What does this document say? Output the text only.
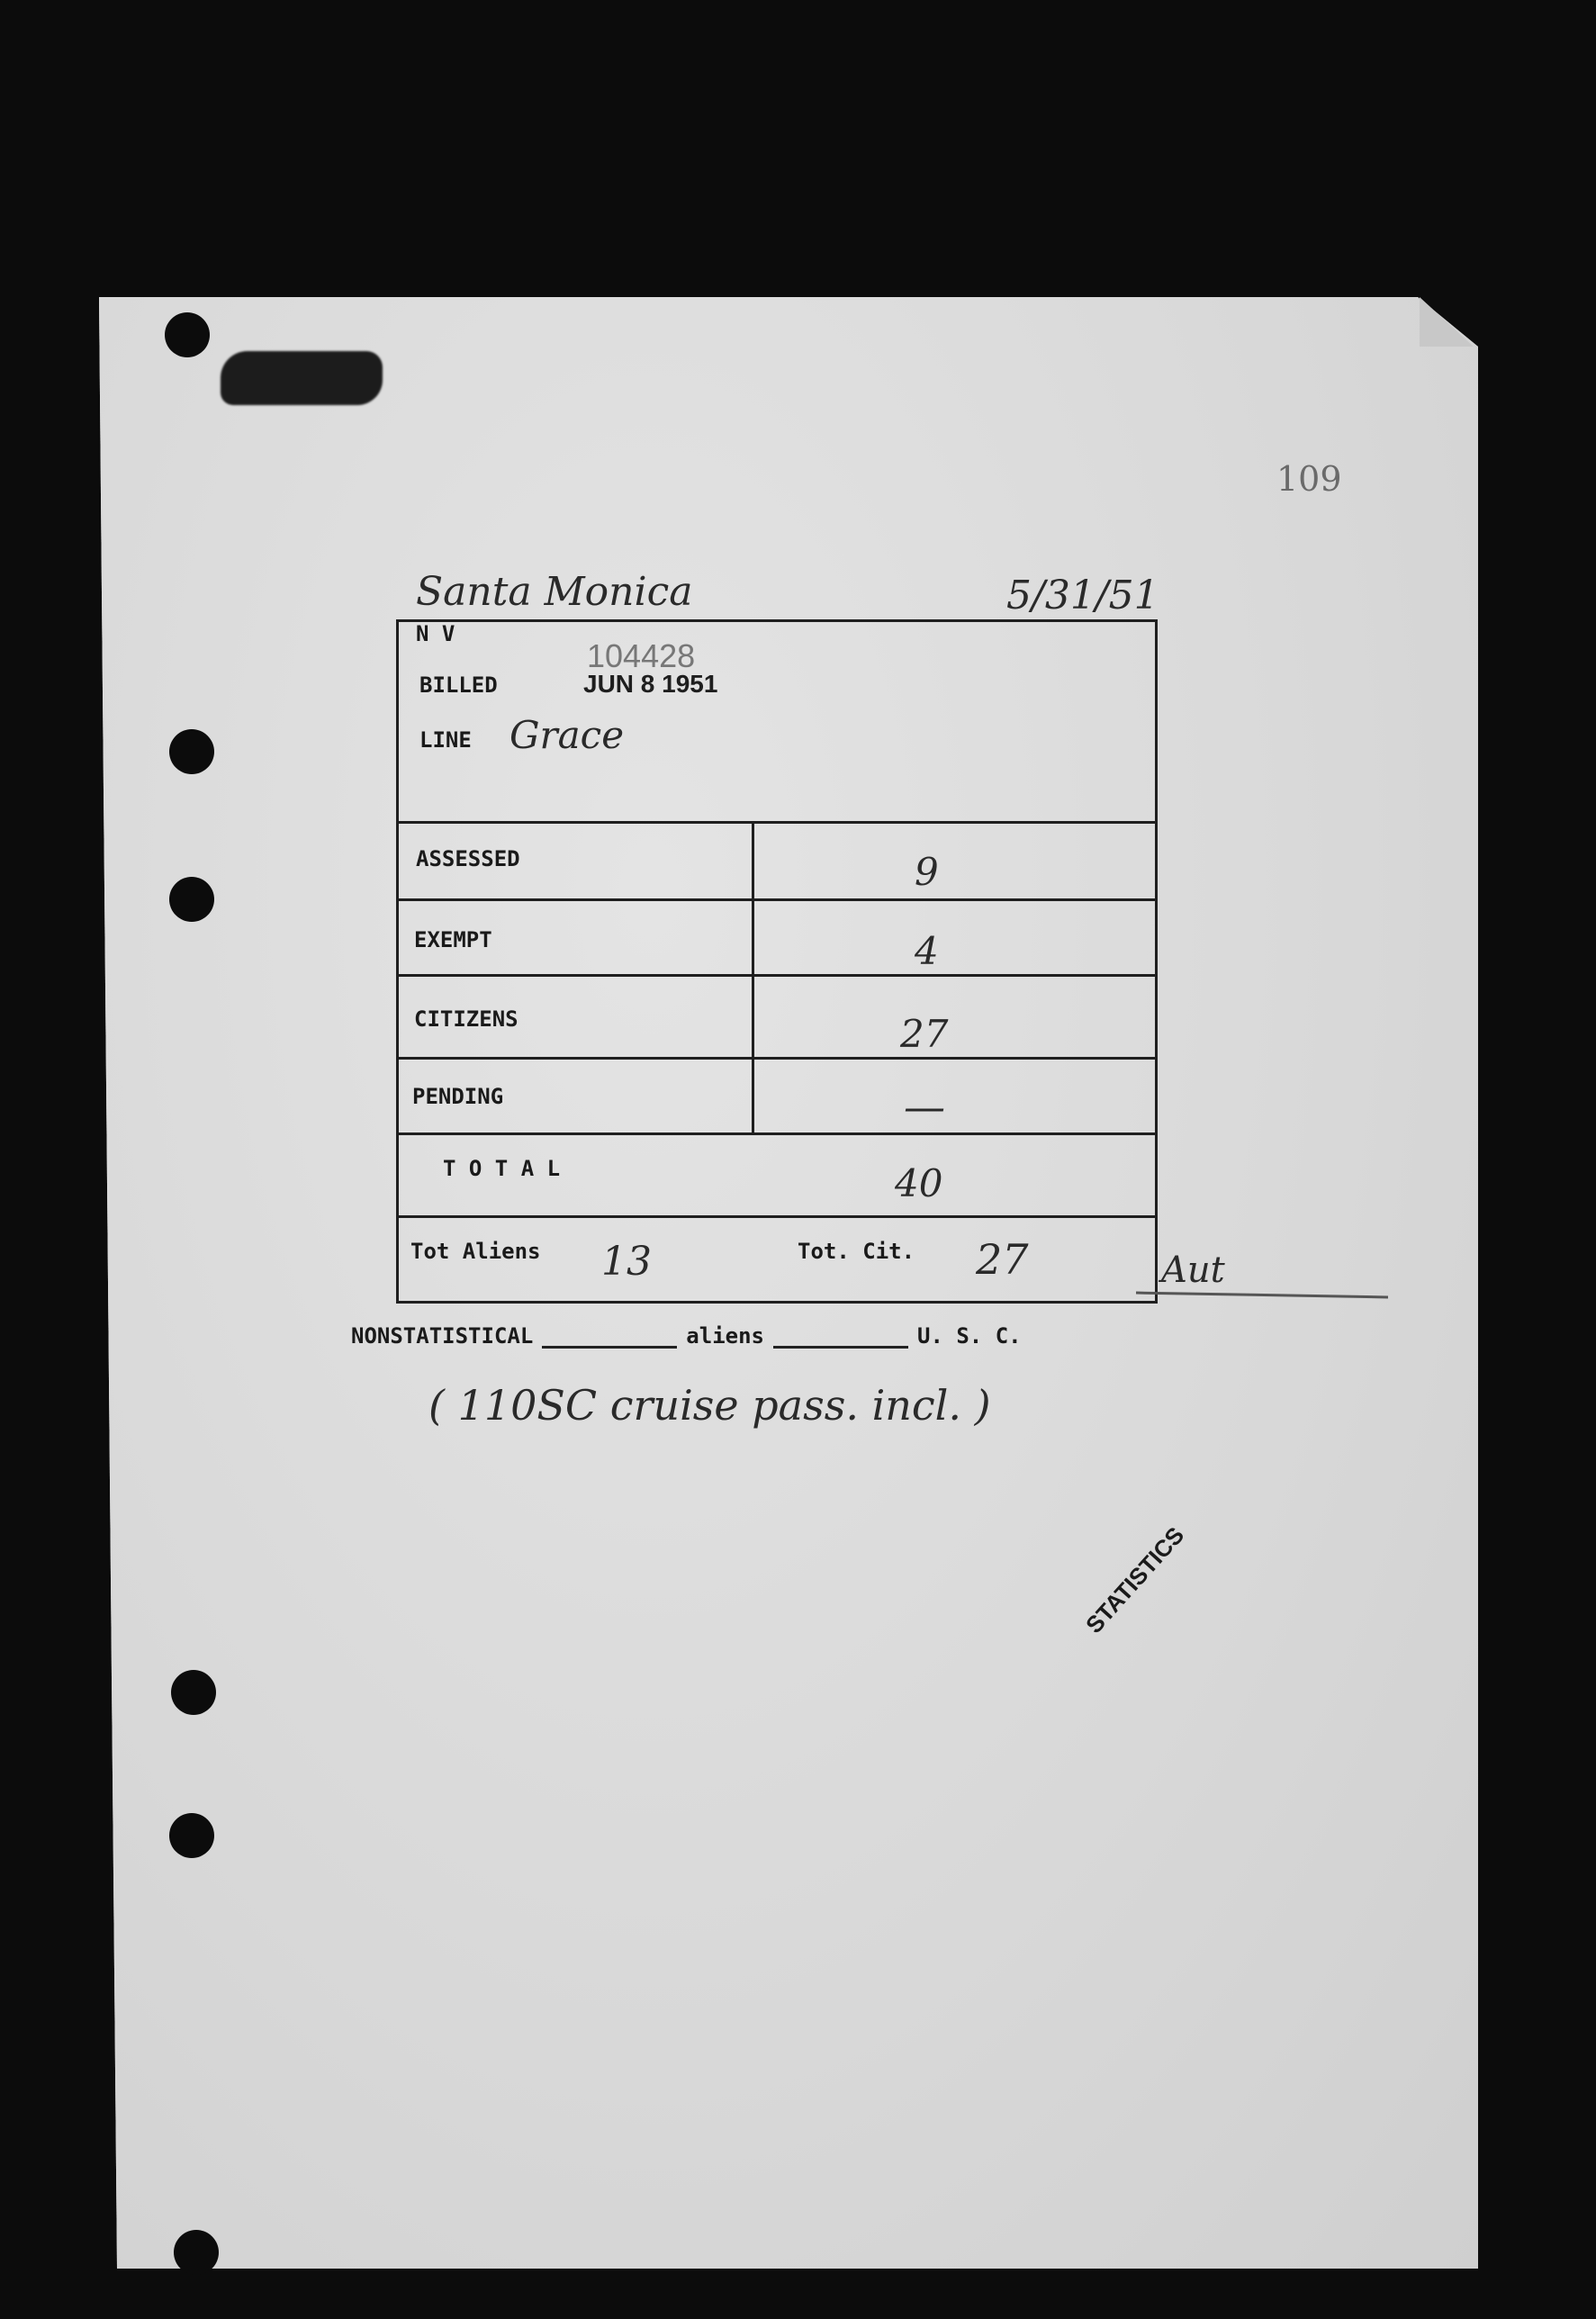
109
Santa Monica	5/31/51
N V
104428
BILLED	JUN 8 1951
LINE Grace
ASSESSED	9
EXEMPT	4
CITIZENS	27
PENDING	—
T O T A L	40
Tot Aliens 13	Tot. Cit. 27	Aut
NONSTATISTICAL	aliens	U. S. C.
( 110SC cruise pass. incl. )
STATISTICS
